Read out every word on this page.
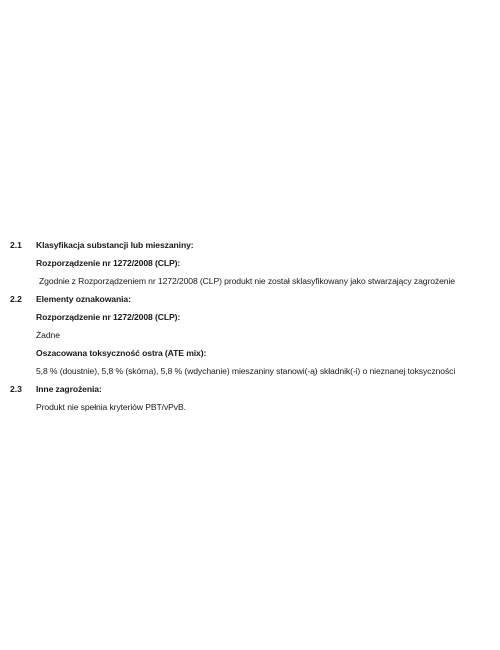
2.1 Klasyfikacja substancji lub mieszaniny:
Rozporządzenie nr 1272/2008 (CLP):
Zgodnie z Rozporządzeniem nr 1272/2008 (CLP) produkt nie został sklasyfikowany jako stwarzający zagrożenie
2.2 Elementy oznakowania:
Rozporządzenie nr 1272/2008 (CLP):
Żadne
Oszacowana toksyczność ostra (ATE mix):
5,8 % (doustnie), 5,8 % (skórna), 5,8 % (wdychanie) mieszaniny stanowi(-ą) składnik(-i) o nieznanej toksyczności
2.3 Inne zagrożenia:
Produkt nie spełnia kryteriów PBT/vPvB.
